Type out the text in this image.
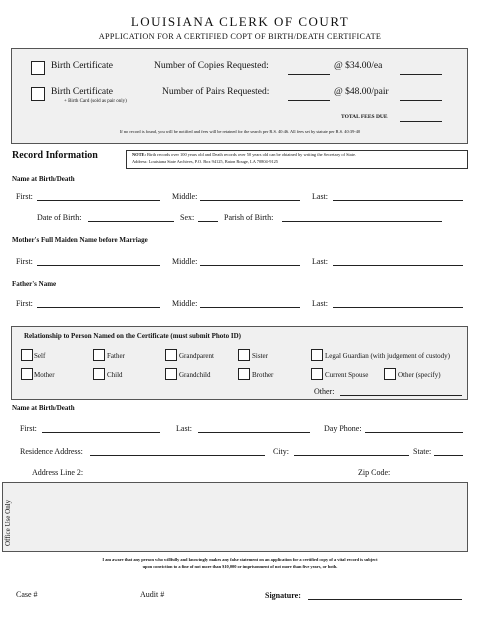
LOUISIANA CLERK OF COURT
APPLICATION FOR A CERTIFIED COPT OF BIRTH/DEATH CERTIFICATE
Birth Certificate	Number of Copies Requested:	@ $34.00/ea
Birth Certificate
+ Birth Card (sold as pair only)
Number of Pairs Requested:	@ $48.00/pair
TOTAL FEES DUE
If no record is found, you will be notified and fees will be retained for the search per R.S. 40:46. All fees set by statute per R.S. 40:39-40
Record Information	NOTE: Birth records over 100 years old and Death records over 50 years old can be obtained by writing the Secretary of State.
Address: Louisiana State Archives, P.O. Box 94125, Baton Rouge, LA 70804-9125
Name at Birth/Death
First:	Middle:	Last:
Date of Birth:	Sex:	Parish of Birth:
Mother's Full Maiden Name before Marriage
First:	Middle:	Last:
Father's Name
First:	Middle:	Last:
Relationship to Person Named on the Certificate (must submit Photo ID)
Self	Father	Grandparent	Sister	Legal Guardian (with judgement of custody)
Mother	Child	Grandchild	Brother	Current Spouse	Other (specify)
Other:
Name at Birth/Death
First:	Last:	Day Phone:
Residence Address:	City:	State:
Address Line 2:	Zip Code:
Office Use Only
I am aware that any person who willfully and knowingly makes any false statement on an application for a certified copy of a vital record is subject
upon conviction to a fine of not more than $10,000 or imprisonment of not more than five years, or both.
Case #	Audit #	Signature:
